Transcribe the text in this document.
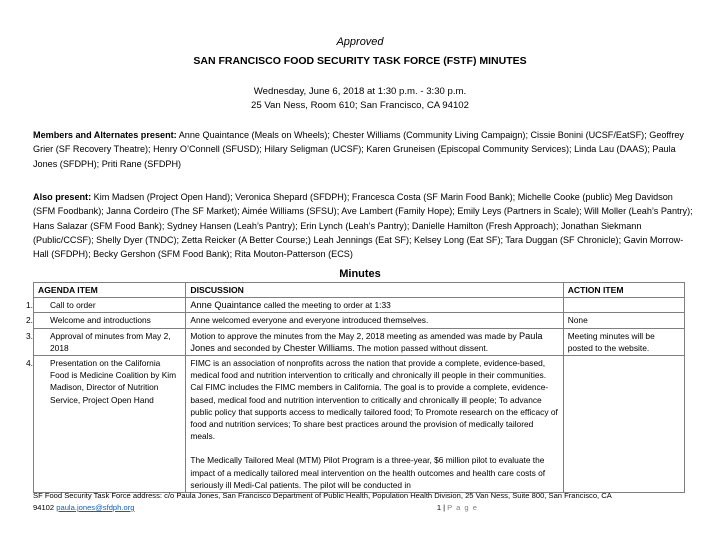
Approved
SAN FRANCISCO FOOD SECURITY TASK FORCE (FSTF) MINUTES
Wednesday, June 6, 2018 at 1:30 p.m. - 3:30 p.m.
25 Van Ness, Room 610; San Francisco, CA 94102
Members and Alternates present: Anne Quaintance (Meals on Wheels); Chester Williams (Community Living Campaign); Cissie Bonini (UCSF/EatSF); Geoffrey Grier (SF Recovery Theatre); Henry O’Connell (SFUSD); Hilary Seligman (UCSF); Karen Gruneisen (Episcopal Community Services); Linda Lau (DAAS); Paula Jones (SFDPH); Priti Rane (SFDPH)
Also present: Kim Madsen (Project Open Hand); Veronica Shepard (SFDPH); Francesca Costa (SF Marin Food Bank); Michelle Cooke (public) Meg Davidson (SFM Foodbank); Janna Cordeiro (The SF Market); Aimée Williams (SFSU); Ave Lambert (Family Hope); Emily Leys (Partners in Scale); Will Moller (Leah’s Pantry); Hans Salazar (SFM Food Bank); Sydney Hansen (Leah’s Pantry); Erin Lynch (Leah’s Pantry); Danielle Hamilton (Fresh Approach); Jonathan Siekmann (Public/CCSF); Shelly Dyer (TNDC); Zetta Reicker (A Better Course;) Leah Jennings (Eat SF); Kelsey Long (Eat SF); Tara Duggan (SF Chronicle); Gavin Morrow-Hall (SFDPH); Becky Gershon (SFM Food Bank); Rita Mouton-Patterson (ECS)
Minutes
AGENDA ITEM	DISCUSSION	ACTION ITEM
1. Call to order	Anne Quaintance called the meeting to order at 1:33	
2. Welcome and introductions	Anne welcomed everyone and everyone introduced themselves.	None
3. Approval of minutes from May 2, 2018	Motion to approve the minutes from the May 2, 2018 meeting as amended was made by Paula Jones and seconded by Chester Williams. The motion passed without dissent.	Meeting minutes will be posted to the website.
4. Presentation on the California Food is Medicine Coalition by Kim Madison, Director of Nutrition Service, Project Open Hand	FIMC is an association of nonprofits across the nation that provide a complete, evidence-based, medical food and nutrition intervention to critically and chronically ill people in their communities. Cal FIMC includes the FIMC members in California. The goal is to provide a complete, evidence-based, medical food and nutrition intervention to critically and chronically ill people; To advance public policy that supports access to medically tailored food; To Promote research on the efficacy of food and nutrition services; To share best practices around the provision of medically tailored meals.
The Medically Tailored Meal (MTM) Pilot Program is a three-year, $6 million pilot to evaluate the impact of a medically tailored meal intervention on the health outcomes and health care costs of seriously ill Medi-Cal patients. The pilot will be conducted in	

SF Food Security Task Force address: c/o Paula Jones, San Francisco Department of Public Health, Population Health Division, 25 Van Ness, Suite 800, San Francisco, CA
94102 paula.jones@sfdph.org	1 | P a g e
